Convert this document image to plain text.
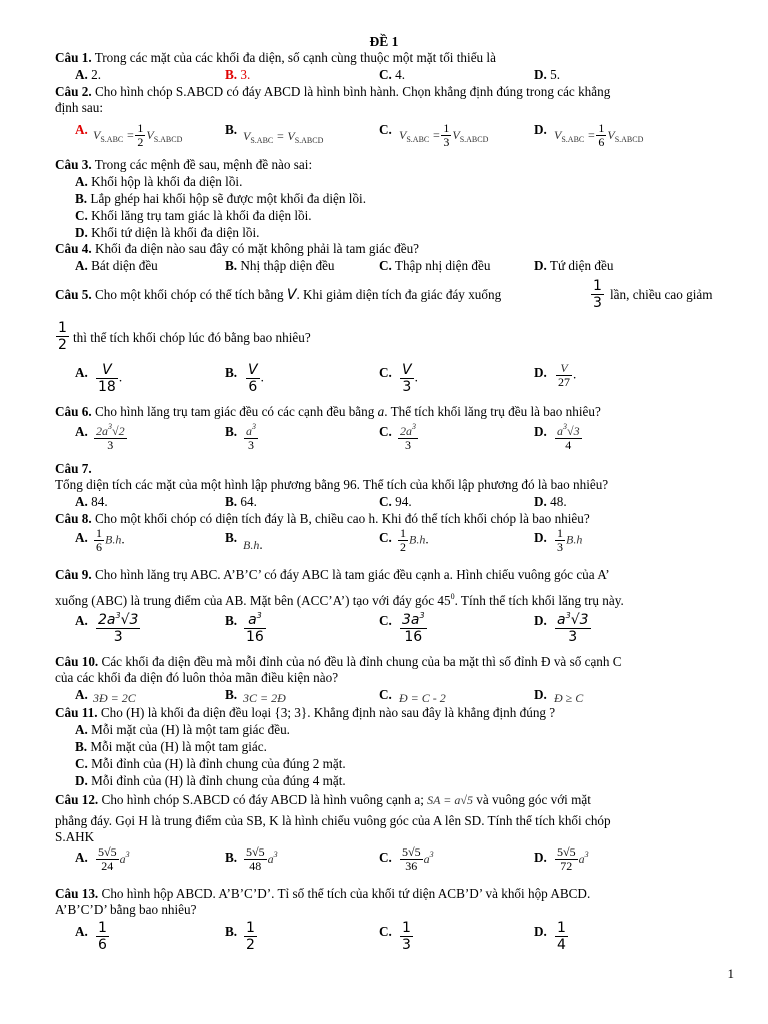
ĐỀ 1
Câu 1. Trong các mặt của các khối đa diện, số cạnh cùng thuộc một mặt tối thiểu là
A. 2.	B. 3.	C. 4.	D. 5.
Câu 2. Cho hình chóp S.ABCD có đáy ABCD là hình bình hành. Chọn khẳng định đúng trong các khẳng
định sau:
A. $V_{S.ABC} = \frac{1}{2} V_{S.ABCD}$
B. $V_{S.ABC} = V_{S.ABCD}$
C. $V_{S.ABC} = \frac{1}{3} V_{S.ABCD}$
D. $V_{S.ABC} = \frac{1}{6} V_{S.ABCD}$
Câu 3. Trong các mệnh đề sau, mệnh đề nào sai:
A. Khối hộp là khối đa diện lồi.
B. Lắp ghép hai khối hộp sẽ được một khối đa diện lồi.
C. Khối lăng trụ tam giác là khối đa diện lồi.
D. Khối tứ diện là khối đa diện lồi.
Câu 4. Khối đa diện nào sau đây có mặt không phải là tam giác đều?
A. Bát diện đều	B. Nhị thập diện đều	C. Thập nhị diện đều	D. Tứ diện đều
Câu 5. Cho một khối chóp có thể tích bằng V. Khi giảm diện tích đa giác đáy xuống	$\frac{1}{3}$ lần, chiều cao giảm
$\frac{1}{2}$ thì thể tích khối chóp lúc đó bằng bao nhiêu?
A. $\frac{V}{18}$ .	B. $\frac{V}{6}$ .	C. $\frac{V}{3}$ .	D. $\frac{V}{27}$ .
Câu 6. Cho hình lăng trụ tam giác đều có các cạnh đều bằng a. Thể tích khối lăng trụ đều là bao nhiêu?
A. $\frac{2a^3√2}{3}$	B. $\frac{a^3}{3}$	C. $\frac{2a^3}{3}$	D. $\frac{a^3√3}{4}$
Câu 7.
Tổng diện tích các mặt của một hình lập phương bằng 96. Thể tích của khối lập phương đó là bao nhiêu?
A. 84.	B. 64.	C. 94.	D. 48.
Câu 8. Cho một khối chóp có diện tích đáy là B, chiều cao h. Khi đó thể tích khối chóp là bao nhiêu?
A. $\frac{1}{6} B.h$.	B. B.h.	C. $\frac{1}{2} B.h$.	D. $\frac{1}{3} B.h$
Câu 9. Cho hình lăng trụ ABC. A’B’C’ có đáy ABC là tam giác đều cạnh a. Hình chiếu vuông góc của A’
xuống (ABC) là trung điểm của AB. Mặt bên (ACC’A’) tạo với đáy góc $45^0$. Tính thể tích khối lăng trụ này.
A. $\frac{2a^3√3}{3}$	B. $\frac{a^3}{16}$	C. $\frac{3a^3}{16}$	D. $\frac{a^3√3}{3}$
Câu 10. Các khối đa diện đều mà mỗi đỉnh của nó đều là đỉnh chung của ba mặt thì số đỉnh Đ và số cạnh C
của các khối đa diện đó luôn thỏa mãn điều kiện nào?
A. 3Đ = 2C	B. 3C = 2Đ	C. Đ = C - 2	D. Đ ≥ C
Câu 11. Cho (H) là khối đa diện đều loại {3; 3}. Khẳng định nào sau đây là khẳng định đúng ?
A. Mỗi mặt của (H) là một tam giác đều.
B. Mỗi mặt của (H) là một tam giác.
C. Mỗi đỉnh của (H) là đỉnh chung của đúng 2 mặt.
D. Mỗi đỉnh của (H) là đỉnh chung của đúng 4 mặt.
Câu 12. Cho hình chóp S.ABCD có đáy ABCD là hình vuông cạnh a; SA = a√5 và vuông góc với mặt
phẳng đáy. Gọi H là trung điểm của SB, K là hình chiếu vuông góc của A lên SD. Tính thể tích khối chóp
S.AHK
A. $\frac{5√5}{24} a^3$	B. $\frac{5√5}{48} a^3$	C. $\frac{5√5}{36} a^3$	D. $\frac{5√5}{72} a^3$
Câu 13. Cho hình hộp ABCD. A’B’C’D’. Tỉ số thể tích của khối tứ diện ACB’D’ và khối hộp ABCD.
A’B’C’D’ bằng bao nhiêu?
A. $\frac{1}{6}$	B. $\frac{1}{2}$	C. $\frac{1}{3}$	D. $\frac{1}{4}$
1
